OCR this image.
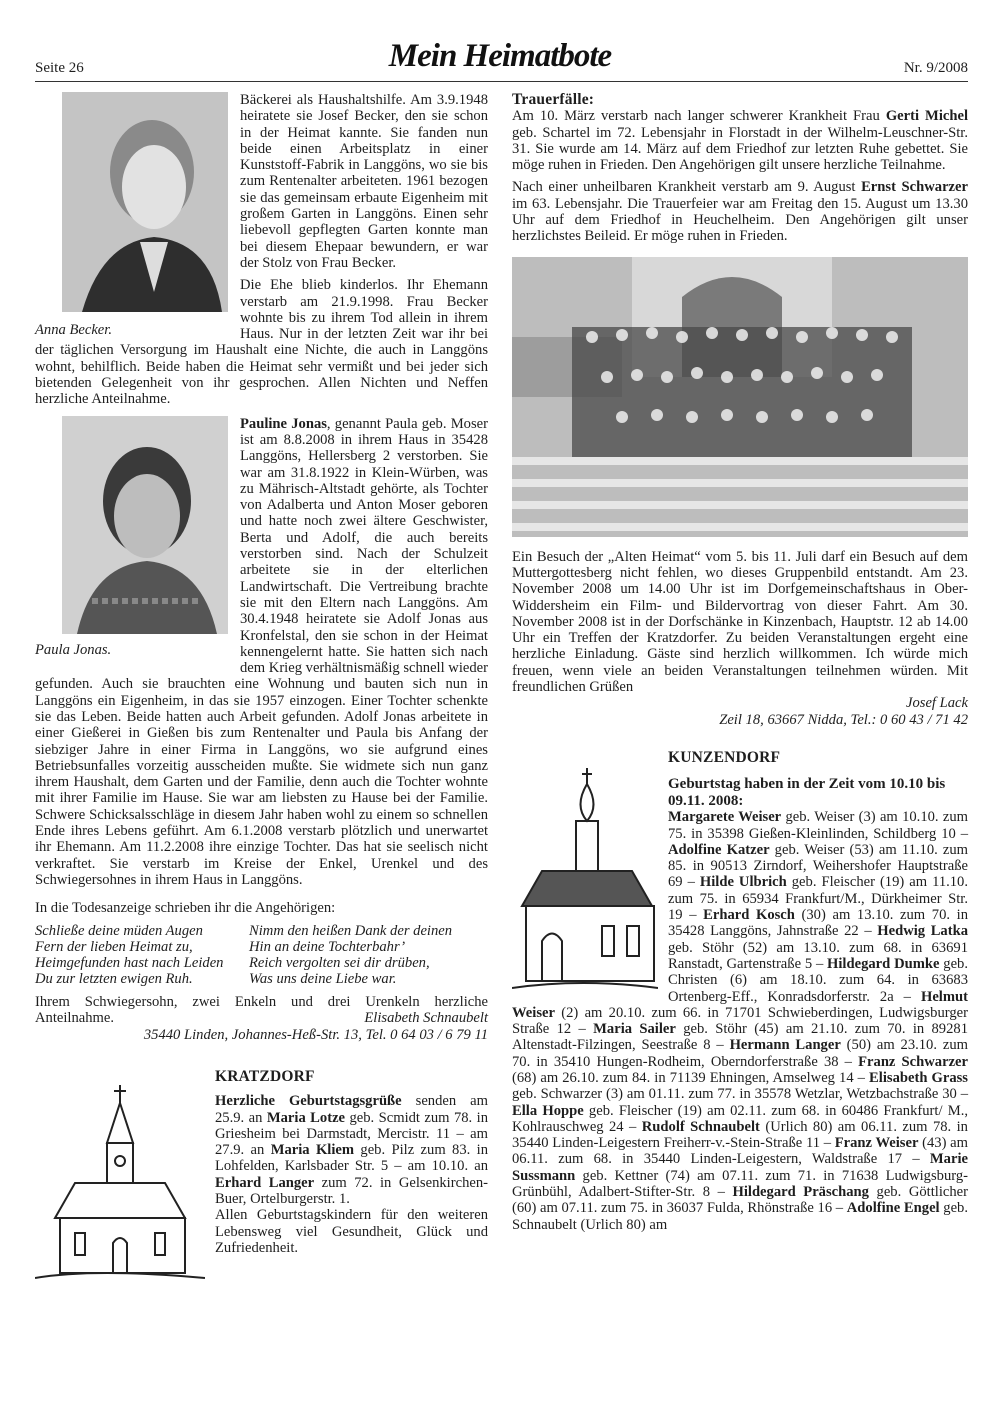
Seite 26	Mein Heimatbote	Nr. 9/2008
Anna Becker.

Bäckerei als Haushaltshilfe. Am 3.9.1948 heiratete sie Josef Becker, den sie schon in der Heimat kannte. Sie fanden nun beide einen Arbeitsplatz in einer Kunststoff-Fabrik in Langgöns, wo sie bis zum Rentenalter arbeiteten. 1961 bezogen sie das gemeinsam erbaute Eigenheim mit großem Garten in Langgöns. Einen sehr liebevoll gepflegten Garten konnte man bei diesem Ehepaar bewundern, er war der Stolz von Frau Becker.

Die Ehe blieb kinderlos. Ihr Ehemann verstarb am 21.9.1998. Frau Becker wohnte bis zu ihrem Tod allein in ihrem Haus. Nur in der letzten Zeit war ihr bei der täglichen Versorgung im Haushalt eine Nichte, die auch in Langgöns wohnt, behilflich. Beide haben die Heimat sehr vermißt und bei jeder sich bietenden Gelegenheit von ihr gesprochen. Allen Nichten und Neffen herzliche Anteilnahme.

Paula Jonas.

Pauline Jonas, genannt Paula geb. Moser ist am 8.8.2008 in ihrem Haus in 35428 Langgöns, Hellersberg 2 verstorben. Sie war am 31.8.1922 in Klein-Würben, was zu Mährisch-Altstadt gehörte, als Tochter von Adalberta und Anton Moser geboren und hatte noch zwei ältere Geschwister, Berta und Adolf, die auch bereits verstorben sind. Nach der Schulzeit arbeitete sie in der elterlichen Landwirtschaft. Die Vertreibung brachte sie mit den Eltern nach Langgöns. Am 30.4.1948 heiratete sie Adolf Jonas aus Kronfelstal, den sie schon in der Heimat kennengelernt hatte. Sie hatten sich nach dem Krieg verhältnismäßig schnell wieder gefunden. Auch sie brauchten eine Wohnung und bauten sich nun in Langgöns ein Eigenheim, in das sie 1957 einzogen. Einer Tochter schenkte sie das Leben. Beide hatten auch Arbeit gefunden. Adolf Jonas arbeitete in einer Gießerei in Gießen bis zum Rentenalter und Paula bis Anfang der siebziger Jahre in einer Firma in Langgöns, wo sie aufgrund eines Betriebsunfalles vorzeitig ausscheiden mußte. Sie widmete sich nun ganz ihrem Haushalt, dem Garten und der Familie, denn auch die Tochter wohnte mit ihrer Familie im Hause. Sie war am liebsten zu Hause bei der Familie. Schwere Schicksalsschläge in diesem Jahr haben wohl zu einem so schnellen Ende ihres Lebens geführt. Am 6.1.2008 verstarb plötzlich und unerwartet ihr Ehemann. Am 11.2.2008 ihre einzige Tochter. Das hat sie seelisch nicht verkraftet. Sie verstarb im Kreise der Enkel, Urenkel und des Schwiegersohnes in ihrem Haus in Langgöns.

In die Todesanzeige schrieben ihr die Angehörigen:

Schließe deine müden Augen
Fern der lieben Heimat zu,
Heimgefunden hast nach Leiden
Du zur letzten ewigen Ruh.
Nimm den heißen Dank der deinen
Hin an deine Tochterbahr’
Reich vergolten sei dir drüben,
Was uns deine Liebe war.

Ihrem Schwiegersohn, zwei Enkeln und drei Urenkeln herzliche Anteilnahme.	Elisabeth Schnaubelt
35440 Linden, Johannes-Heß-Str. 13, Tel. 0 64 03 / 6 79 11
KRATZDORF

Herzliche Geburtstagsgrüße senden am 25.9. an Maria Lotze geb. Scmidt zum 78. in Griesheim bei Darmstadt, Mercistr. 11 – am 27.9. an Maria Kliem geb. Pilz zum 83. in Lohfelden, Karlsbader Str. 5 – am 10.10. an Erhard Langer zum 72. in Gelsenkirchen-Buer, Ortelburgerstr. 1.

Allen Geburtstagskindern für den weiteren Lebensweg viel Gesundheit, Glück und Zufriedenheit.

Trauerfälle:

Am 10. März verstarb nach langer schwerer Krankheit Frau Gerti Michel geb. Schartel im 72. Lebensjahr in Florstadt in der Wilhelm-Leuschner-Str. 31. Sie wurde am 14. März auf dem Friedhof zur letzten Ruhe gebettet. Sie möge ruhen in Frieden. Den Angehörigen gilt unsere herzliche Teilnahme.

Nach einer unheilbaren Krankheit verstarb am 9. August Ernst Schwarzer im 63. Lebensjahr. Die Trauerfeier war am Freitag den 15. August um 13.30 Uhr auf dem Friedhof in Heuchelheim. Den Angehörigen gilt unser herzlichstes Beileid. Er möge ruhen in Frieden.

Ein Besuch der „Alten Heimat“ vom 5. bis 11. Juli darf ein Besuch auf dem Muttergottesberg nicht fehlen, wo dieses Gruppenbild entstandt. Am 23. November 2008 um 14.00 Uhr ist im Dorfgemeinschaftshaus in Ober-Widdersheim ein Film- und Bildervortrag von dieser Fahrt. Am 30. November 2008 ist in der Dorfschänke in Kinzenbach, Hauptstr. 12 ab 14.00 Uhr ein Treffen der Kratzdorfer. Zu beiden Veranstaltungen ergeht eine herzliche Einladung. Gäste sind herzlich willkommen. Ich würde mich freuen, wenn viele an beiden Veranstaltungen teilnehmen würden. Mit freundlichen Grüßen

Josef Lack
Zeil 18, 63667 Nidda, Tel.: 0 60 43 / 71 42
KUNZENDORF
Geburtstag haben in der Zeit vom 10.10 bis 09.11. 2008:

Margarete Weiser geb. Weiser (3) am 10.10. zum 75. in 35398 Gießen-Kleinlinden, Schildberg 10 – Adolfine Katzer geb. Weiser (53) am 11.10. zum 85. in 90513 Zirndorf, Weihershofer Hauptstraße 69 – Hilde Ulbrich geb. Fleischer (19) am 11.10. zum 75. in 65934 Frankfurt/M., Dürkheimer Str. 19 – Erhard Kosch (30) am 13.10. zum 70. in 35428 Langgöns, Jahnstraße 22 – Hedwig Latka geb. Stöhr (52) am 13.10. zum 68. in 63691 Ranstadt, Gartenstraße 5 – Hildegard Dumke geb. Christen (6) am 18.10. zum 64. in 63683 Ortenberg-Eff., Konradsdorferstr. 2a – Helmut Weiser (2) am 20.10. zum 66. in 71701 Schwieberdingen, Ludwigsburger Straße 12 – Maria Sailer geb. Stöhr (45) am 21.10. zum 70. in 89281 Altenstadt-Filzingen, Seestraße 8 – Hermann Langer (50) am 23.10. zum 70. in 35410 Hungen-Rodheim, Oberndorferstraße 38 – Franz Schwarzer (68) am 26.10. zum 84. in 71139 Ehningen, Amselweg 14 – Elisabeth Grass geb. Schwarzer (3) am 01.11. zum 77. in 35578 Wetzlar, Wetzbachstraße 30 – Ella Hoppe geb. Fleischer (19) am 02.11. zum 68. in 60486 Frankfurt/ M., Kohlrauschweg 24 – Rudolf Schnaubelt (Urlich 80) am 06.11. zum 78. in 35440 Linden-Leigestern Freiherr-v.-Stein-Straße 11 – Franz Weiser (43) am 06.11. zum 68. in 35440 Linden-Leigestern, Waldstraße 17 – Marie Sussmann geb. Kettner (74) am 07.11. zum 71. in 71638 Ludwigsburg-Grünbühl, Adalbert-Stifter-Str. 8 – Hildegard Präschang geb. Göttlicher (60) am 07.11. zum 75. in 36037 Fulda, Rhönstraße 16 – Adolfine Engel geb. Schnaubelt (Urlich 80) am
